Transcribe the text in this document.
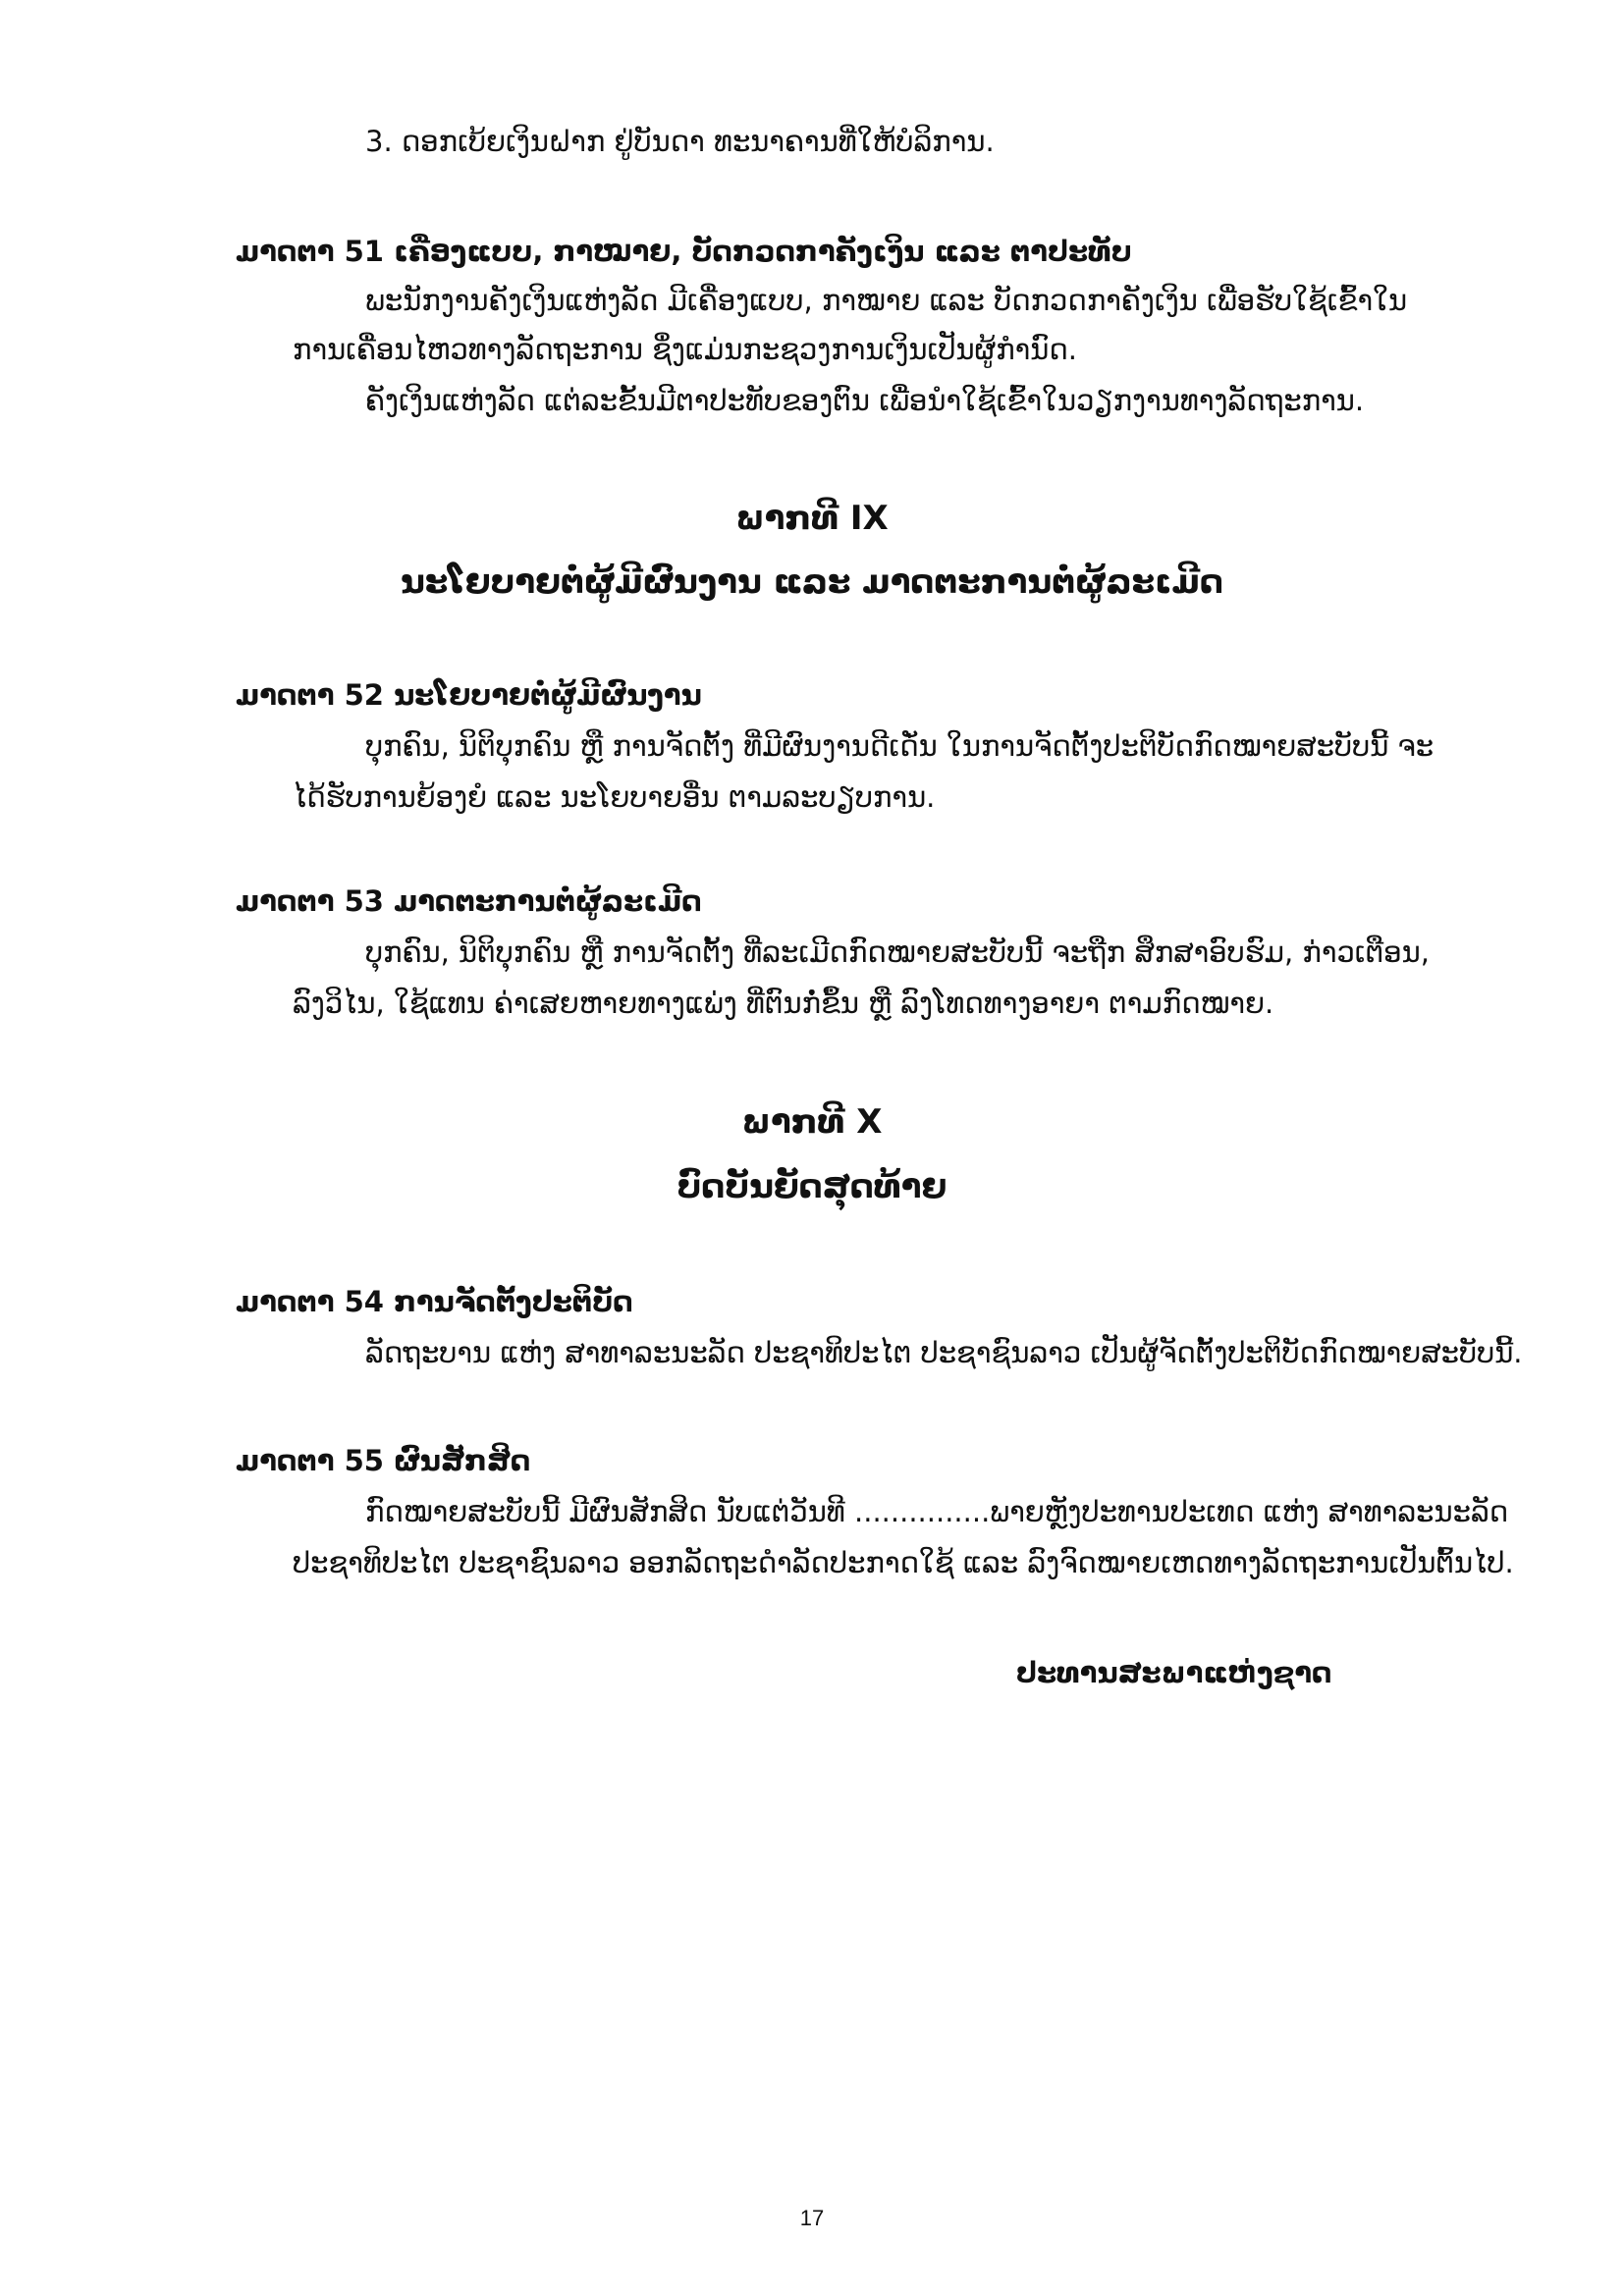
3. ດອກເບ້ຍເງິນຝາກ ຢູ່ບັນດາ ທະນາຄານທີ່ໃຫ້ບໍລິການ.
ມາດຕາ 51 ເຄື່ອງແບບ, ກາໝາຍ, ບັດກວດກາຄັງເງິນ ແລະ ຕາປະທັບ
ພະນັກງານຄັງເງິນແຫ່ງລັດ ມີເຄື່ອງແບບ, ກາໝາຍ ແລະ ບັດກວດກາຄັງເງິນ ເພື່ອຮັບໃຊ້ເຂົ້າໃນ
ການເຄື່ອນໄຫວທາງລັດຖະການ ຊຶ່ງແມ່ນກະຊວງການເງິນເປັນຜູ້ກຳນົດ.
ຄັງເງິນແຫ່ງລັດ ແຕ່ລະຂັ້ນມີຕາປະທັບຂອງຕົນ ເພື່ອນຳໃຊ້ເຂົ້າໃນວຽກງານທາງລັດຖະການ.
ພາກທີ IX
ນະໂຍບາຍຕໍ່ຜູ້ມີຜົນງານ ແລະ ມາດຕະການຕໍ່ຜູ້ລະເມີດ
ມາດຕາ 52 ນະໂຍບາຍຕໍ່ຜູ້ມີຜົນງານ
ບຸກຄົນ, ນິຕິບຸກຄົນ ຫຼື ການຈັດຕັ້ງ ທີ່ມີຜົນງານດີເດັ່ນ ໃນການຈັດຕັ້ງປະຕິບັດກົດໝາຍສະບັບນີ້ ຈະ
ໄດ້ຮັບການຍ້ອງຍໍ ແລະ ນະໂຍບາຍອື່ນ ຕາມລະບຽບການ.
ມາດຕາ 53 ມາດຕະການຕໍ່ຜູ້ລະເມີດ
ບຸກຄົນ, ນິຕິບຸກຄົນ ຫຼື ການຈັດຕັ້ງ ທີ່ລະເມີດກົດໝາຍສະບັບນີ້ ຈະຖືກ ສຶກສາອົບຮົມ, ກ່າວເຕືອນ,
ລົງວິໄນ, ໃຊ້ແທນ ຄ່າເສຍຫາຍທາງແພ່ງ ທີ່ຕົນກໍ່ຂຶ້ນ ຫຼື ລົງໂທດທາງອາຍາ ຕາມກົດໝາຍ.
ພາກທີ X
ບົດບັນຍັດສຸດທ້າຍ
ມາດຕາ 54 ການຈັດຕັ້ງປະຕິບັດ
ລັດຖະບານ ແຫ່ງ ສາທາລະນະລັດ ປະຊາທິປະໄຕ ປະຊາຊົນລາວ ເປັນຜູ້ຈັດຕັ້ງປະຕິບັດກົດໝາຍສະບັບນີ້.
ມາດຕາ 55 ຜົນສັກສິດ
ກົດໝາຍສະບັບນີ້ ມີຜົນສັກສິດ ນັບແຕ່ວັນທີ ...............ພາຍຫຼັງປະທານປະເທດ ແຫ່ງ ສາທາລະນະລັດ
ປະຊາທິປະໄຕ ປະຊາຊົນລາວ ອອກລັດຖະດຳລັດປະກາດໃຊ້ ແລະ ລົງຈົດໝາຍເຫດທາງລັດຖະການເປັນຕົ້ນໄປ.
ປະທານສະພາແຫ່ງຊາດ
17
